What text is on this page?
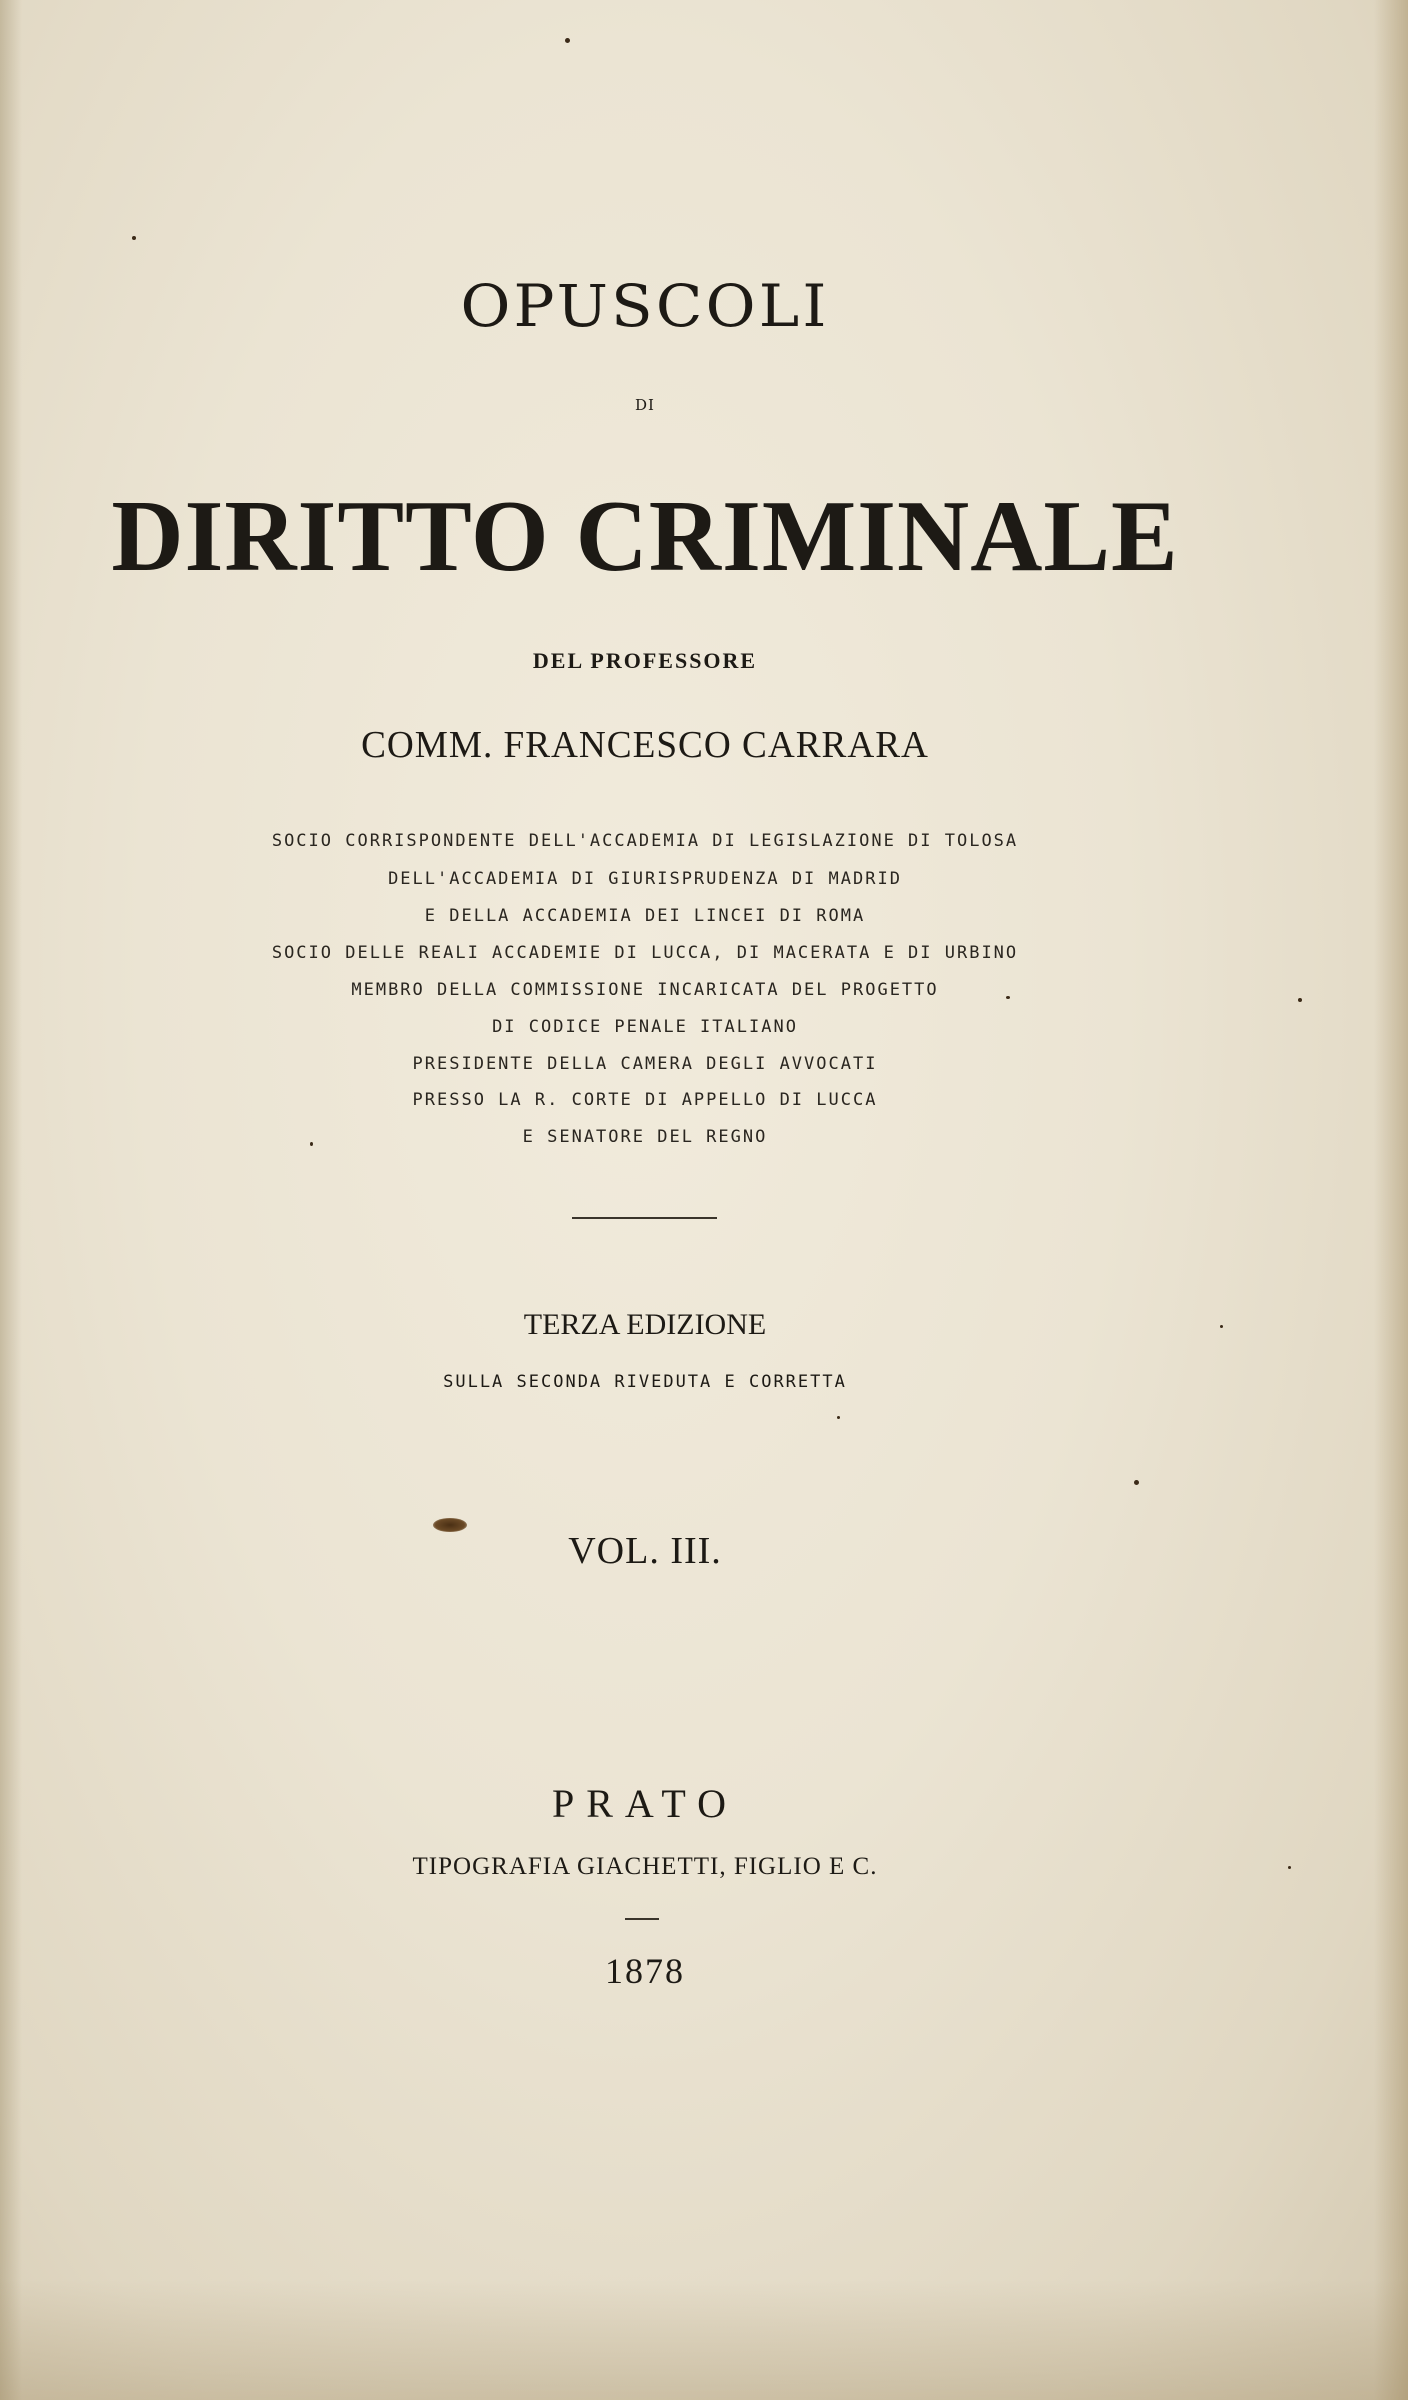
OPUSCOLI
DI
DIRITTO CRIMINALE
DEL PROFESSORE
COMM. FRANCESCO CARRARA
SOCIO CORRISPONDENTE DELL'ACCADEMIA DI LEGISLAZIONE DI TOLOSA
DELL'ACCADEMIA DI GIURISPRUDENZA DI MADRID
E DELLA ACCADEMIA DEI LINCEI DI ROMA
SOCIO DELLE REALI ACCADEMIE DI LUCCA, DI MACERATA E DI URBINO
MEMBRO DELLA COMMISSIONE INCARICATA DEL PROGETTO
DI CODICE PENALE ITALIANO
PRESIDENTE DELLA CAMERA DEGLI AVVOCATI
PRESSO LA R. CORTE DI APPELLO DI LUCCA
E SENATORE DEL REGNO
TERZA EDIZIONE
SULLA SECONDA RIVEDUTA E CORRETTA
VOL. III.
PRATO
TIPOGRAFIA GIACHETTI, FIGLIO E C.
1878
